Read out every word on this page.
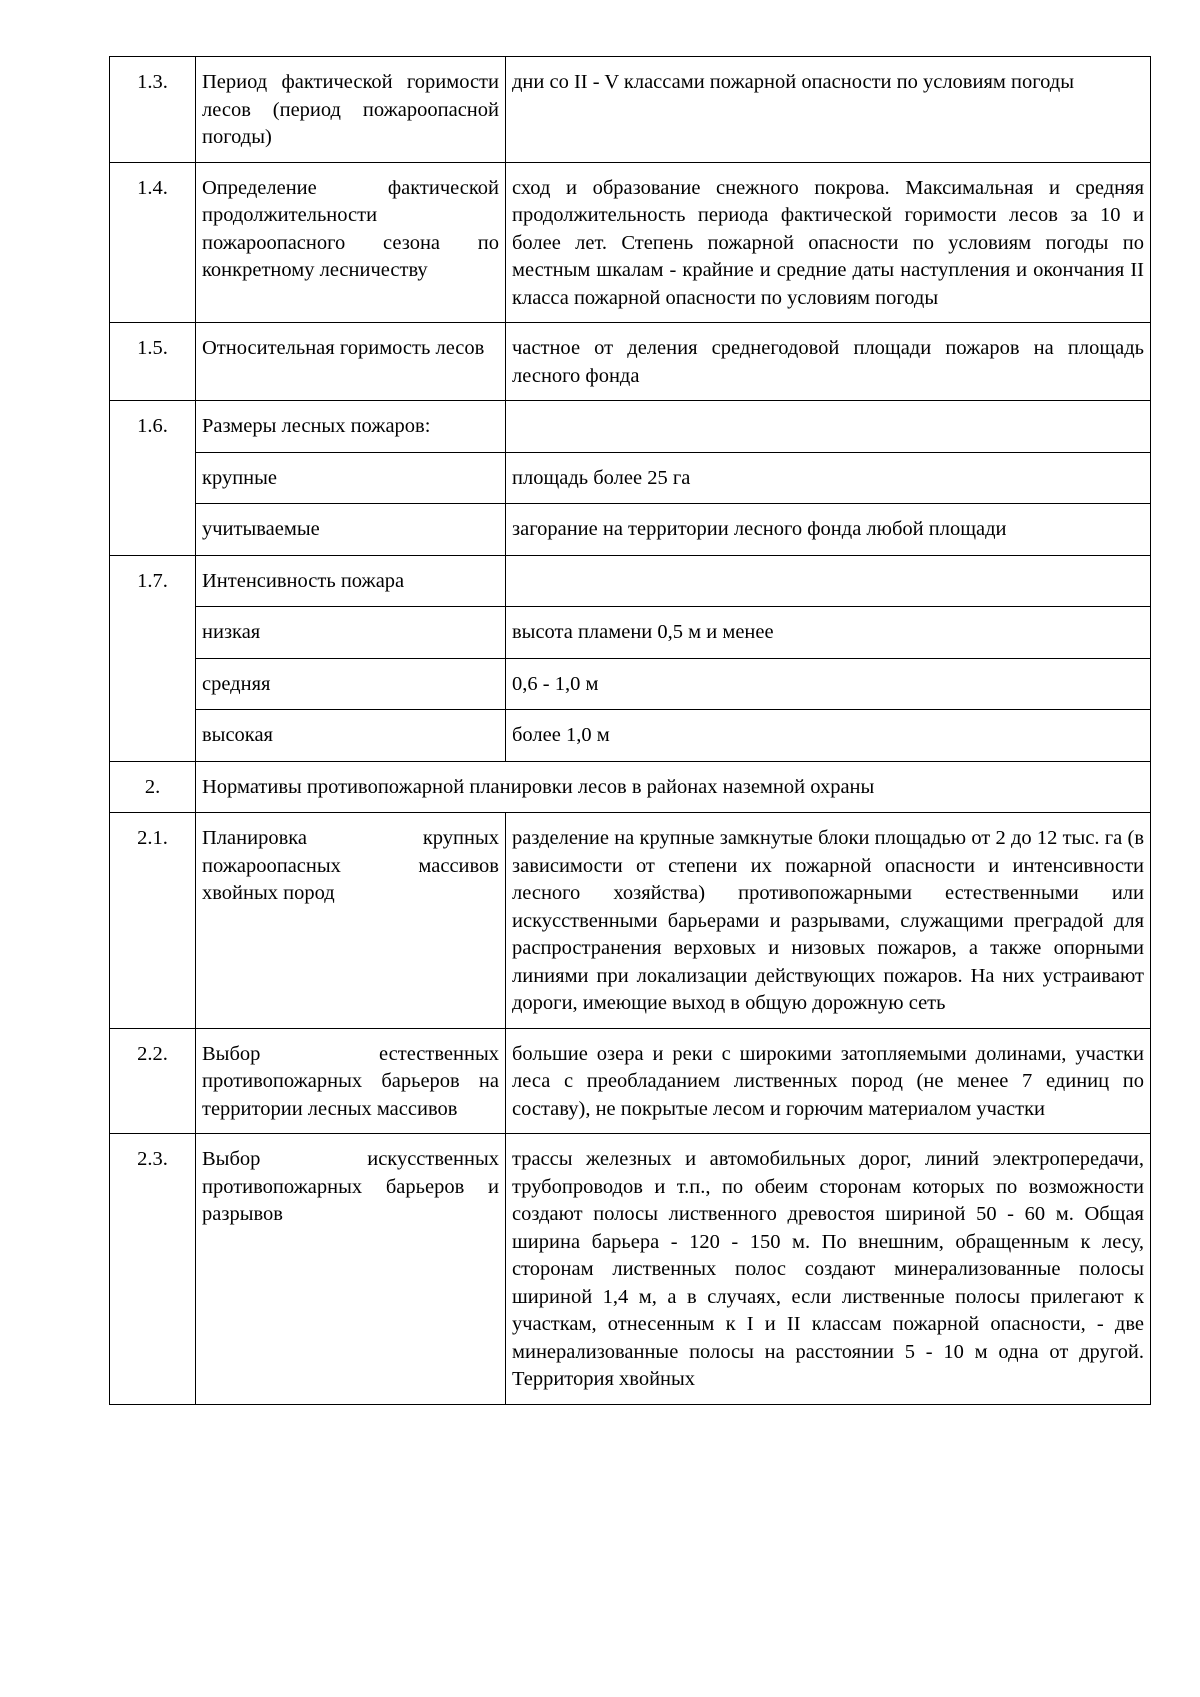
1.3.	Период фактической горимости лесов (период пожароопасной погоды)	дни со II - V классами пожарной опасности по условиям погоды
1.4.	Определение фактической продолжительности пожароопасного сезона по конкретному лесничеству	сход и образование снежного покрова. Максимальная и средняя продолжительность периода фактической горимости лесов за 10 и более лет. Степень пожарной опасности по условиям погоды по местным шкалам - крайние и средние даты наступления и окончания II класса пожарной опасности по условиям погоды
1.5.	Относительная горимость лесов	частное от деления среднегодовой площади пожаров на площадь лесного фонда
1.6.	Размеры лесных пожаров:	
	крупные	площадь более 25 га
	учитываемые	загорание на территории лесного фонда любой площади
1.7.	Интенсивность пожара	
	низкая	высота пламени 0,5 м и менее
	средняя	0,6 - 1,0 м
	высокая	более 1,0 м
2.	Нормативы противопожарной планировки лесов в районах наземной охраны	
2.1.	Планировка крупных пожароопасных массивов хвойных пород	разделение на крупные замкнутые блоки площадью от 2 до 12 тыс. га (в зависимости от степени их пожарной опасности и интенсивности лесного хозяйства) противопожарными естественными или искусственными барьерами и разрывами, служащими преградой для распространения верховых и низовых пожаров, а также опорными линиями при локализации действующих пожаров. На них устраивают дороги, имеющие выход в общую дорожную сеть
2.2.	Выбор естественных противопожарных барьеров на территории лесных массивов	большие озера и реки с широкими затопляемыми долинами, участки леса с преобладанием лиственных пород (не менее 7 единиц по составу), не покрытые лесом и горючим материалом участки
2.3.	Выбор искусственных противопожарных барьеров и разрывов	трассы железных и автомобильных дорог, линий электропередачи, трубопроводов и т.п., по обеим сторонам которых по возможности создают полосы лиственного древостоя шириной 50 - 60 м. Общая ширина барьера - 120 - 150 м. По внешним, обращенным к лесу, сторонам лиственных полос создают минерализованные полосы шириной 1,4 м, а в случаях, если лиственные полосы прилегают к участкам, отнесенным к I и II классам пожарной опасности, - две минерализованные полосы на расстоянии 5 - 10 м одна от другой. Территория хвойных
